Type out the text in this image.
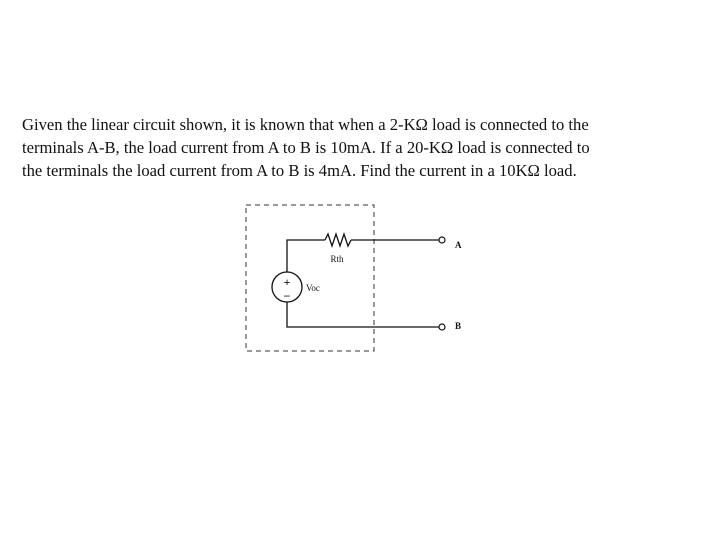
Given the linear circuit shown, it is known that when a 2-KΩ load is connected to the
terminals A-B, the load current from A to B is 10mA. If a 20-KΩ load is connected to
the terminals the load current from A to B is 4mA. Find the current in a 10KΩ load.
+
−
Rth
Voc
A
B
